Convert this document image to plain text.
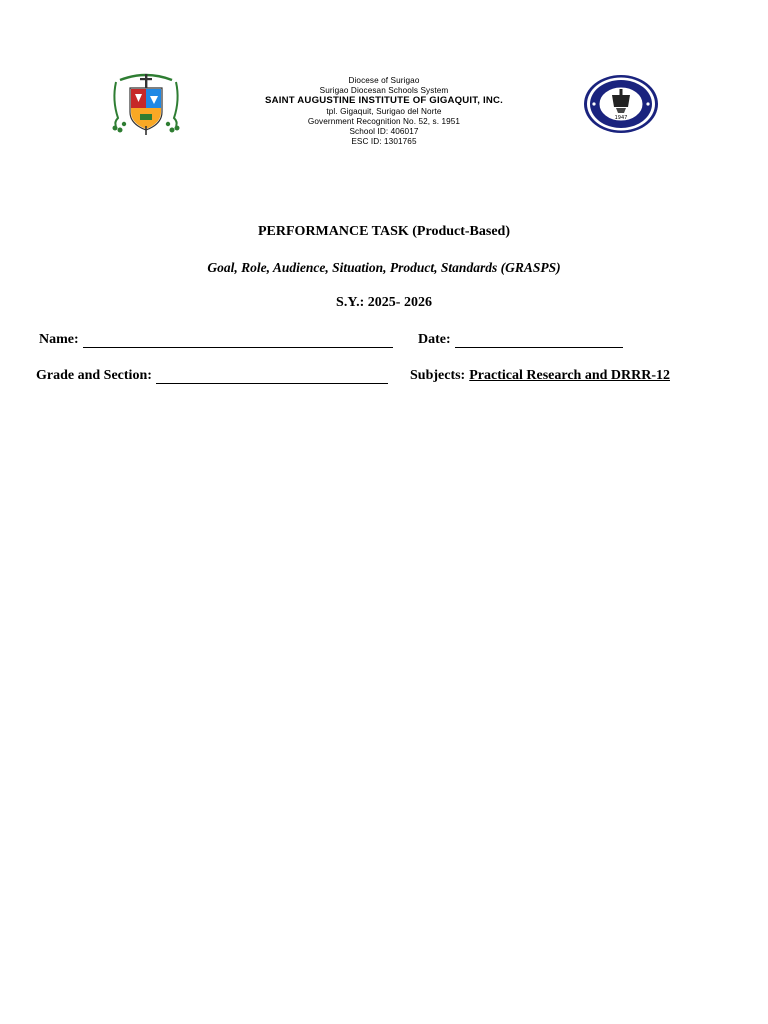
Diocese of Surigao
Surigao Diocesan Schools System
SAINT AUGUSTINE INSTITUTE OF GIGAQUIT, INC.
tpl. Gigaquit, Surigao del Norte
Government Recognition No. 52, s. 1951
School ID: 406017
ESC ID: 1301765
1947
PERFORMANCE TASK (Product-Based)
Goal, Role, Audience, Situation, Product, Standards (GRASPS)
S.Y.: 2025- 2026
Name:	Date:
Grade and Section:	Subjects: Practical Research and DRRR-12
